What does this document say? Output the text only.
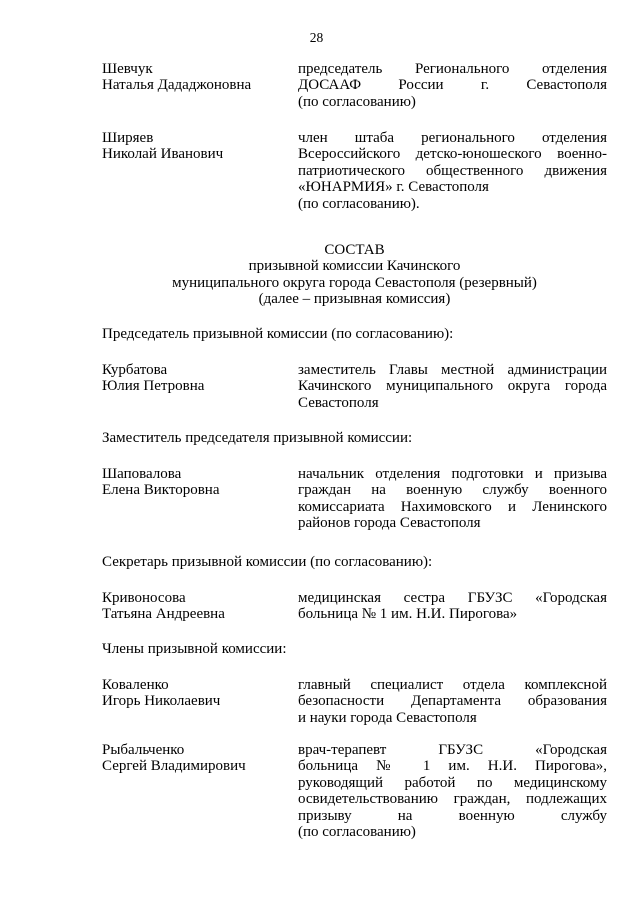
28
Шевчук
Наталья Дададжоновна
председатель Регионального отделения
ДОСААФ России г. Севастополя
(по согласованию)
Ширяев
Николай Иванович
член штаба регионального отделения
Всероссийского детско-юношеского военно-
патриотического общественного движения
«ЮНАРМИЯ» г. Севастополя
(по согласованию).
СОСТАВ
призывной комиссии Качинского
муниципального округа города Севастополя (резервный)
(далее – призывная комиссия)
Председатель призывной комиссии (по согласованию):
Курбатова
Юлия Петровна
заместитель Главы местной администрации
Качинского муниципального округа города
Севастополя
Заместитель председателя призывной комиссии:
Шаповалова
Елена Викторовна
начальник отделения подготовки и призыва
граждан на военную службу военного
комиссариата Нахимовского и Ленинского
районов города Севастополя
Секретарь призывной комиссии (по согласованию):
Кривоносова
Татьяна Андреевна
медицинская сестра ГБУЗС «Городская
больница № 1 им. Н.И. Пирогова»
Члены призывной комиссии:
Коваленко
Игорь Николаевич
главный специалист отдела комплексной
безопасности Департамента образования
и науки города Севастополя
Рыбальченко
Сергей Владимирович
врач-терапевт ГБУЗС «Городская
больница № 1 им. Н.И. Пирогова»,
руководящий работой по медицинскому
освидетельствованию граждан, подлежащих
призыву на военную службу
(по согласованию)
